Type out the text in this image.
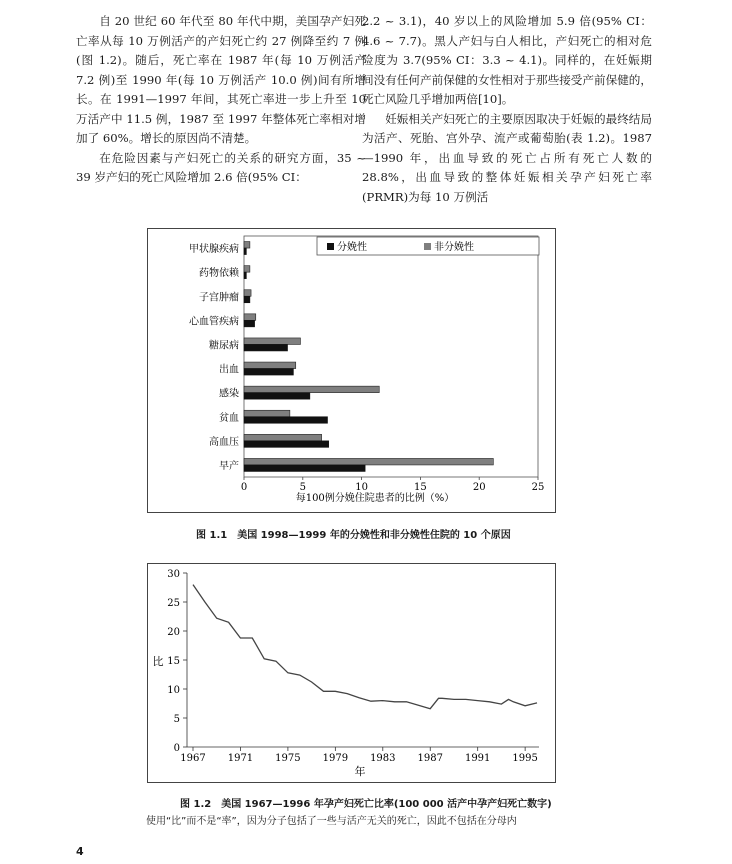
自 20 世纪 60 年代至 80 年代中期，美国孕产妇死亡率从每 10 万例活产的产妇死亡约 27 例降至约 7 例(图 1.2)。随后，死亡率在 1987 年(每 10 万例活产 7.2 例)至 1990 年(每 10 万例活产 10.0 例)间有所增长。在 1991—1997 年间，其死亡率进一步上升至 10 万活产中 11.5 例，1987 至 1997 年整体死亡率相对增加了 60%。增长的原因尚不清楚。

在危险因素与产妇死亡的关系的研究方面，35 ~ 39 岁产妇的死亡风险增加 2.6 倍(95% CI：

2.2 ~ 3.1)，40 岁以上的风险增加 5.9 倍(95% CI：4.6 ~ 7.7)。黑人产妇与白人相比，产妇死亡的相对危险度为 3.7(95% CI：3.3 ~ 4.1)。同样的，在妊娠期间没有任何产前保健的女性相对于那些接受产前保健的，死亡风险几乎增加两倍[10]。

妊娠相关产妇死亡的主要原因取决于妊娠的最终结局为活产、死胎、宫外孕、流产或葡萄胎(表 1.2)。1987—1990 年，出血导致的死亡占所有死亡人数的 28.8%，出血导致的整体妊娠相关孕产妇死亡率(PRMR)为每 10 万例活

每100例分娩住院患者的比例（%）
甲状腺疾病
药物依赖
子宫肿瘤
心血管疾病
糖尿病
出血
感染
贫血
高血压
早产
0	5	10	15	20	25
分娩性	非分娩性
图 1.1　美国 1998—1999 年的分娩性和非分娩性住院的 10 个原因
比
年
0
5
10
15
20
25
30
1967 1971 1975 1979 1983 1987 1991 1995
图 1.2　美国 1967—1996 年孕产妇死亡比率(100 000 活产中孕产妇死亡数字)
使用“比”而不是“率”，因为分子包括了一些与活产无关的死亡，因此不包括在分母内
4
